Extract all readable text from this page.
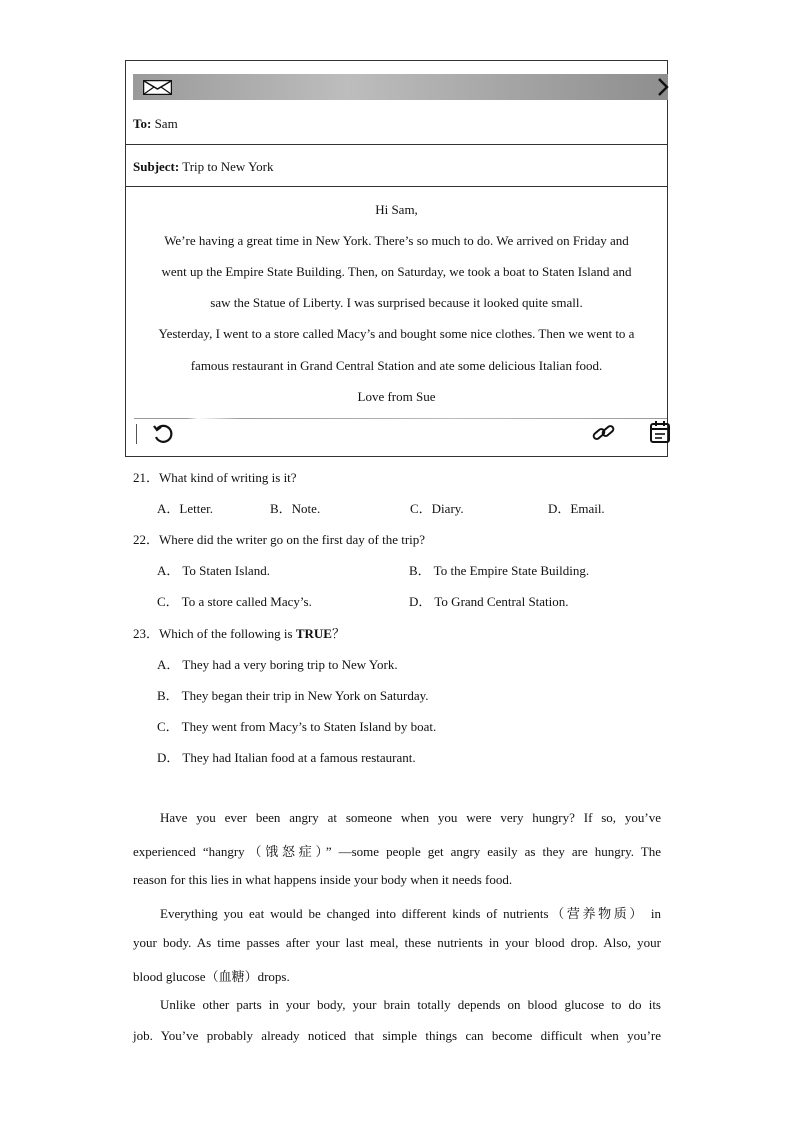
To: Sam
Subject: Trip to New York

Hi Sam,

We’re having a great time in New York. There’s so much to do. We arrived on Friday and

went up the Empire State Building. Then, on Saturday, we took a boat to Staten Island and

saw the Statue of Liberty. I was surprised because it looked quite small.

Yesterday, I went to a store called Macy’s and bought some nice clothes. Then we went to a

famous restaurant in Grand Central Station and ate some delicious Italian food.

Love from Sue

21．What kind of writing is it?
A．Letter.	B．Note.	C．Diary.	D．Email.
22．Where did the writer go on the first day of the trip?
A． To Staten Island.	B． To the Empire State Building.
C． To a store called Macy’s.	D． To Grand Central Station.
23．Which of the following is TRUE？
A． They had a very boring trip to New York.
B． They began their trip in New York on Saturday.
C． They went from Macy’s to Staten Island by boat.
D． They had Italian food at a famous restaurant.
Have you ever been angry at someone when you were very hungry? If so, you’ve
experienced “hangry（饿怒症）” —some people get angry easily as they are hungry. The
reason for this lies in what happens inside your body when it needs food.
Everything you eat would be changed into different kinds of nutrients（营养物质） in
your body. As time passes after your last meal, these nutrients in your blood drop. Also, your
blood glucose（血糖）drops.
Unlike other parts in your body, your brain totally depends on blood glucose to do its
job. You’ve probably already noticed that simple things can become difficult when you’re
